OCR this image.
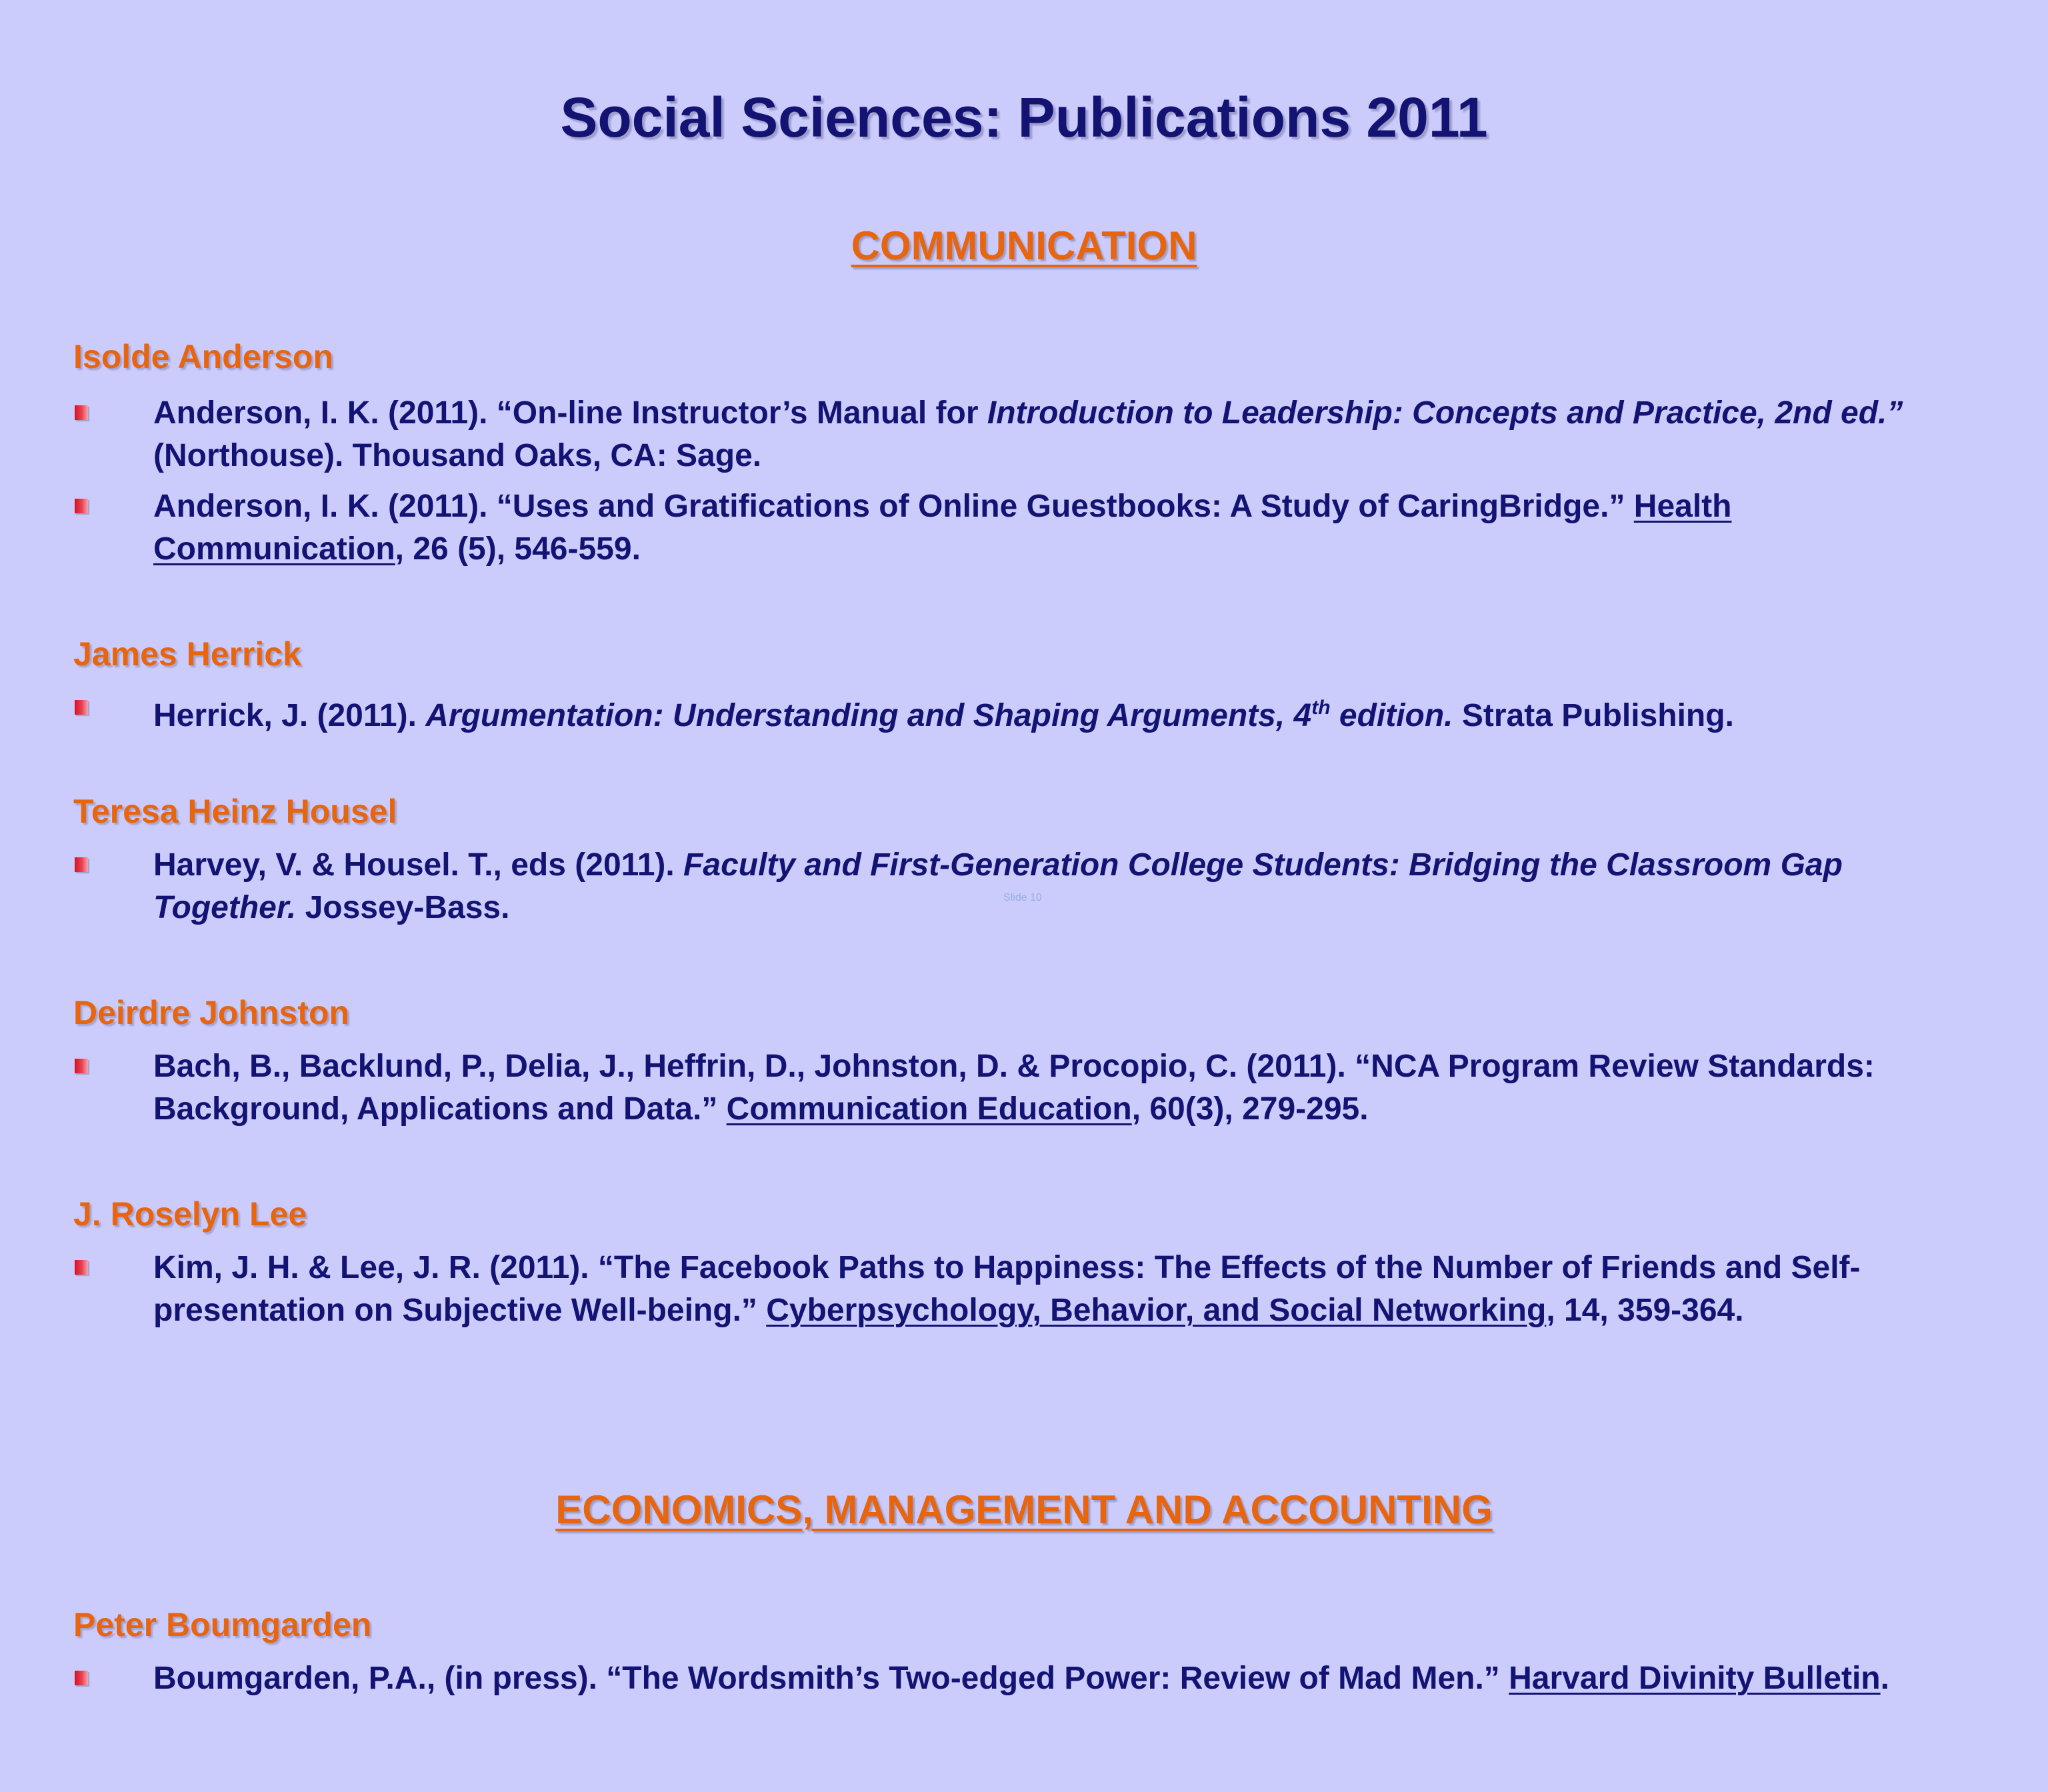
Social Sciences: Publications 2011
COMMUNICATION
Isolde Anderson
Anderson, I. K. (2011). “On-line Instructor’s Manual for Introduction to Leadership: Concepts and Practice, 2nd ed.” (Northouse). Thousand Oaks, CA: Sage.
Anderson, I. K. (2011). “Uses and Gratifications of Online Guestbooks: A Study of CaringBridge.” Health Communication, 26 (5), 546-559.
James Herrick
Herrick, J. (2011). Argumentation: Understanding and Shaping Arguments, 4th edition. Strata Publishing.
Teresa Heinz Housel
Harvey, V. & Housel. T., eds (2011). Faculty and First-Generation College Students: Bridging the Classroom Gap Together. Jossey-Bass.	Slide 10
Deirdre Johnston
Bach, B., Backlund, P., Delia, J., Heffrin, D., Johnston, D. & Procopio, C. (2011). “NCA Program Review Standards: Background, Applications and Data.” Communication Education, 60(3), 279-295.
J. Roselyn Lee
Kim, J. H. & Lee, J. R. (2011). “The Facebook Paths to Happiness: The Effects of the Number of Friends and Self-presentation on Subjective Well-being.” Cyberpsychology, Behavior, and Social Networking, 14, 359-364.
ECONOMICS, MANAGEMENT AND ACCOUNTING
Peter Boumgarden
Boumgarden, P.A., (in press). “The Wordsmith’s Two-edged Power: Review of Mad Men.” Harvard Divinity Bulletin.
